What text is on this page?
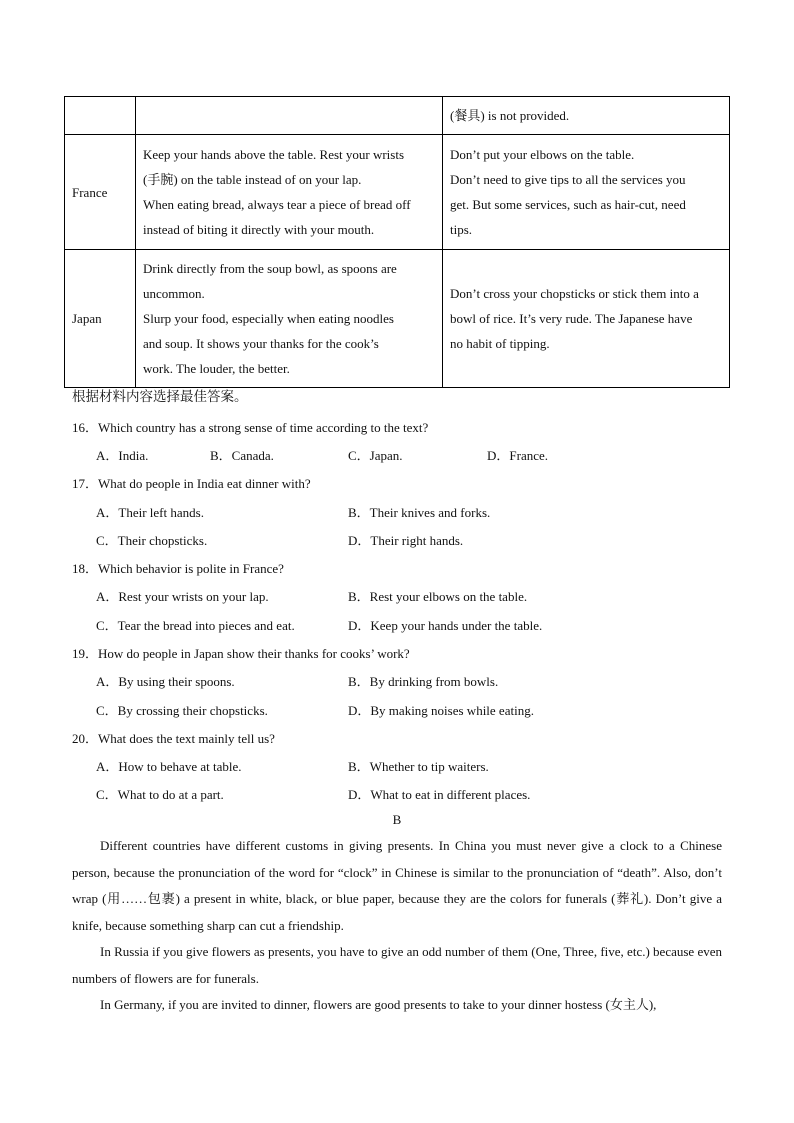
		(餐具) is not provided.

France	Keep your hands above the table. Rest your wrists
(手腕) on the table instead of on your lap.
When eating bread, always tear a piece of bread off
instead of biting it directly with your mouth.	Don’t put your elbows on the table.
Don’t need to give tips to all the services you
get. But some services, such as hair-cut, need
tips.

Japan	Drink directly from the soup bowl, as spoons are
uncommon.
Slurp your food, especially when eating noodles
and soup. It shows your thanks for the cook’s
work. The louder, the better.	Don’t cross your chopsticks or stick them into a
bowl of rice. It’s very rude. The Japanese have
no habit of tipping.
根据材料内容选择最佳答案。
16．Which country has a strong sense of time according to the text?
A．India.	B．Canada.	C．Japan.	D．France.
17．What do people in India eat dinner with?
A．Their left hands.	B．Their knives and forks.
C．Their chopsticks.	D．Their right hands.
18．Which behavior is polite in France?
A．Rest your wrists on your lap.	B．Rest your elbows on the table.
C．Tear the bread into pieces and eat.	D．Keep your hands under the table.
19．How do people in Japan show their thanks for cooks’ work?
A．By using their spoons.	B．By drinking from bowls.
C．By crossing their chopsticks.	D．By making noises while eating.
20．What does the text mainly tell us?
A．How to behave at table.	B．Whether to tip waiters.
C．What to do at a part.	D．What to eat in different places.
B

Different countries have different customs in giving presents. In China you must never give a clock to a Chinese person, because the pronunciation of the word for “clock” in Chinese is similar to the pronunciation of “death”. Also, don’t wrap (用……包裹) a present in white, black, or blue paper, because they are the colors for funerals (葬礼). Don’t give a knife, because something sharp can cut a friendship.

In Russia if you give flowers as presents, you have to give an odd number of them (One, Three, five, etc.) because even numbers of flowers are for funerals.

In Germany, if you are invited to dinner, flowers are good presents to take to your dinner hostess (女主人),
